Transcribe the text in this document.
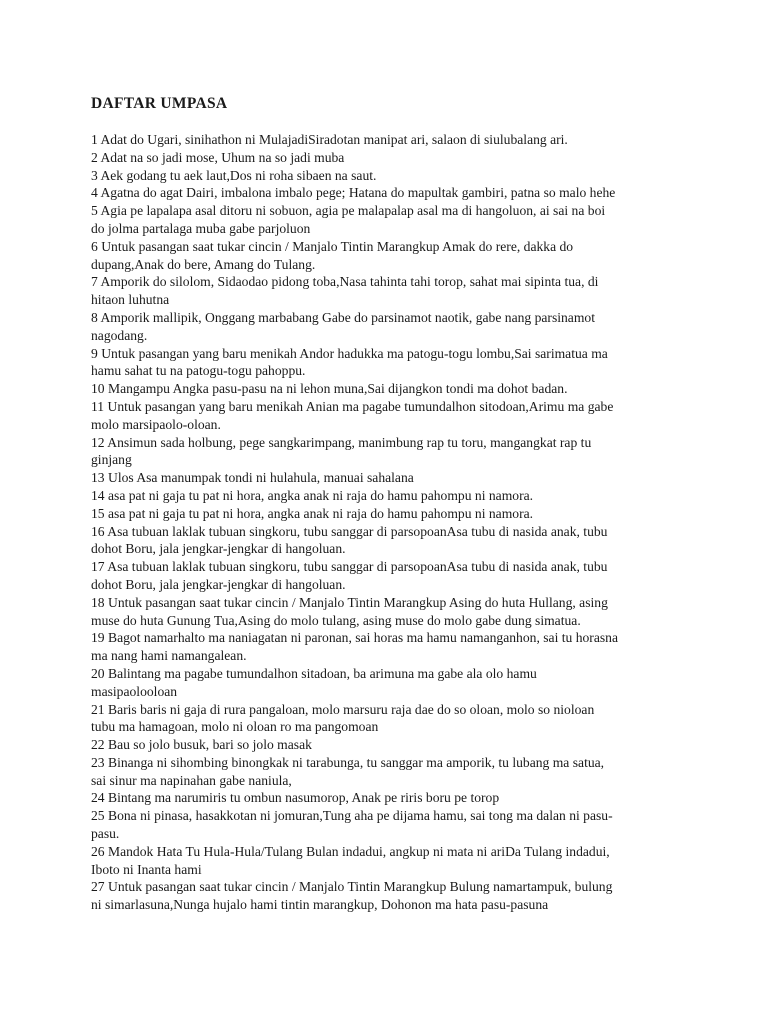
DAFTAR UMPASA

1 Adat do Ugari, sinihathon ni MulajadiSiradotan manipat ari, salaon di siulubalang ari.

2 Adat na so jadi mose, Uhum na so jadi muba

3 Aek godang tu aek laut,Dos ni roha sibaen na saut.

4 Agatna do agat Dairi, imbalona imbalo pege; Hatana do mapultak gambiri, patna so malo hehe

5 Agia pe lapalapa asal ditoru ni sobuon, agia pe malapalap asal ma di hangoluon, ai sai na boi
do jolma partalaga muba gabe parjoluon

6 Untuk pasangan saat tukar cincin / Manjalo Tintin Marangkup Amak do rere, dakka do
dupang,Anak do bere, Amang do Tulang.

7 Amporik do silolom, Sidaodao pidong toba,Nasa tahinta tahi torop, sahat mai sipinta tua, di
hitaon luhutna

8 Amporik mallipik, Onggang marbabang Gabe do parsinamot naotik, gabe nang parsinamot
nagodang.

9 Untuk pasangan yang baru menikah Andor hadukka ma patogu-togu lombu,Sai sarimatua ma
hamu sahat tu na patogu-togu pahoppu.

10 Mangampu Angka pasu-pasu na ni lehon muna,Sai dijangkon tondi ma dohot badan.

11 Untuk pasangan yang baru menikah Anian ma pagabe tumundalhon sitodoan,Arimu ma gabe
molo marsipaolo-oloan.

12 Ansimun sada holbung, pege sangkarimpang, manimbung rap tu toru, mangangkat rap tu
ginjang

13 Ulos Asa manumpak tondi ni hulahula, manuai sahalana

14 asa pat ni gaja tu pat ni hora, angka anak ni raja do hamu pahompu ni namora.

15 asa pat ni gaja tu pat ni hora, angka anak ni raja do hamu pahompu ni namora.

16 Asa tubuan laklak tubuan singkoru, tubu sanggar di parsopoanAsa tubu di nasida anak, tubu
dohot Boru, jala jengkar-jengkar di hangoluan.

17 Asa tubuan laklak tubuan singkoru, tubu sanggar di parsopoanAsa tubu di nasida anak, tubu
dohot Boru, jala jengkar-jengkar di hangoluan.

18 Untuk pasangan saat tukar cincin / Manjalo Tintin Marangkup Asing do huta Hullang, asing
muse do huta Gunung Tua,Asing do molo tulang, asing muse do molo gabe dung simatua.

19 Bagot namarhalto ma naniagatan ni paronan, sai horas ma hamu namanganhon, sai tu horasna
ma nang hami namangalean.

20 Balintang ma pagabe tumundalhon sitadoan, ba arimuna ma gabe ala olo hamu
masipaolooloan

21 Baris baris ni gaja di rura pangaloan, molo marsuru raja dae do so oloan, molo so nioloan
tubu ma hamagoan, molo ni oloan ro ma pangomoan

22 Bau so jolo busuk, bari so jolo masak

23 Binanga ni sihombing binongkak ni tarabunga, tu sanggar ma amporik, tu lubang ma satua,
sai sinur ma napinahan gabe naniula,

24 Bintang ma narumiris tu ombun nasumorop, Anak pe riris boru pe torop

25 Bona ni pinasa, hasakkotan ni jomuran,Tung aha pe dijama hamu, sai tong ma dalan ni pasu-
pasu.

26 Mandok Hata Tu Hula-Hula/Tulang Bulan indadui, angkup ni mata ni ariDa Tulang indadui,
Iboto ni Inanta hami

27 Untuk pasangan saat tukar cincin / Manjalo Tintin Marangkup Bulung namartampuk, bulung
ni simarlasuna,Nunga hujalo hami tintin marangkup, Dohonon ma hata pasu-pasuna
